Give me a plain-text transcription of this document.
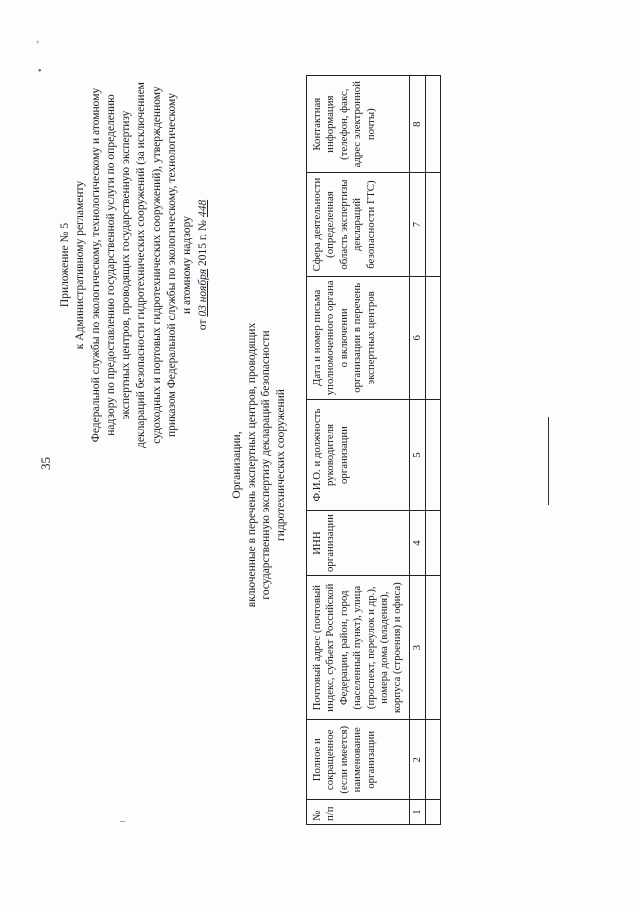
35
Приложение № 5 к Административному регламенту Федеральной службы по экологическому, технологическому и атомному надзору по предоставлению государственной услуги по определению экспертных центров, проводящих государственную экспертизу деклараций безопасности гидротехнических сооружений (за исключением судоходных и портовых гидротехнических сооружений), утвержденному приказом Федеральной службы по экологическому, технологическому и атомному надзору
от 03 ноября 2015 г. № 448
Организации, включенные в перечень экспертных центров, проводящих государственную экспертизу деклараций безопасности гидротехнических сооружений
№ п/п	Полное и сокращенное (если имеется) наименование организации	Почтовый адрес (почтовый индекс, субъект Российской Федерации, район, город (населенный пункт), улица (проспект, переулок и др.), номера дома (владения), корпуса (строения) и офиса)	ИНН организации	Ф.И.О. и должность руководителя организации	Дата и номер письма уполномоченного органа о включении организации в перечень экспертных центров	Сфера деятельности (определенная область экспертизы деклараций безопасности ГТС)	Контактная информация (телефон, факс, адрес электронной почты)
1	2	3	4	5	6	7	8

’
•
–
